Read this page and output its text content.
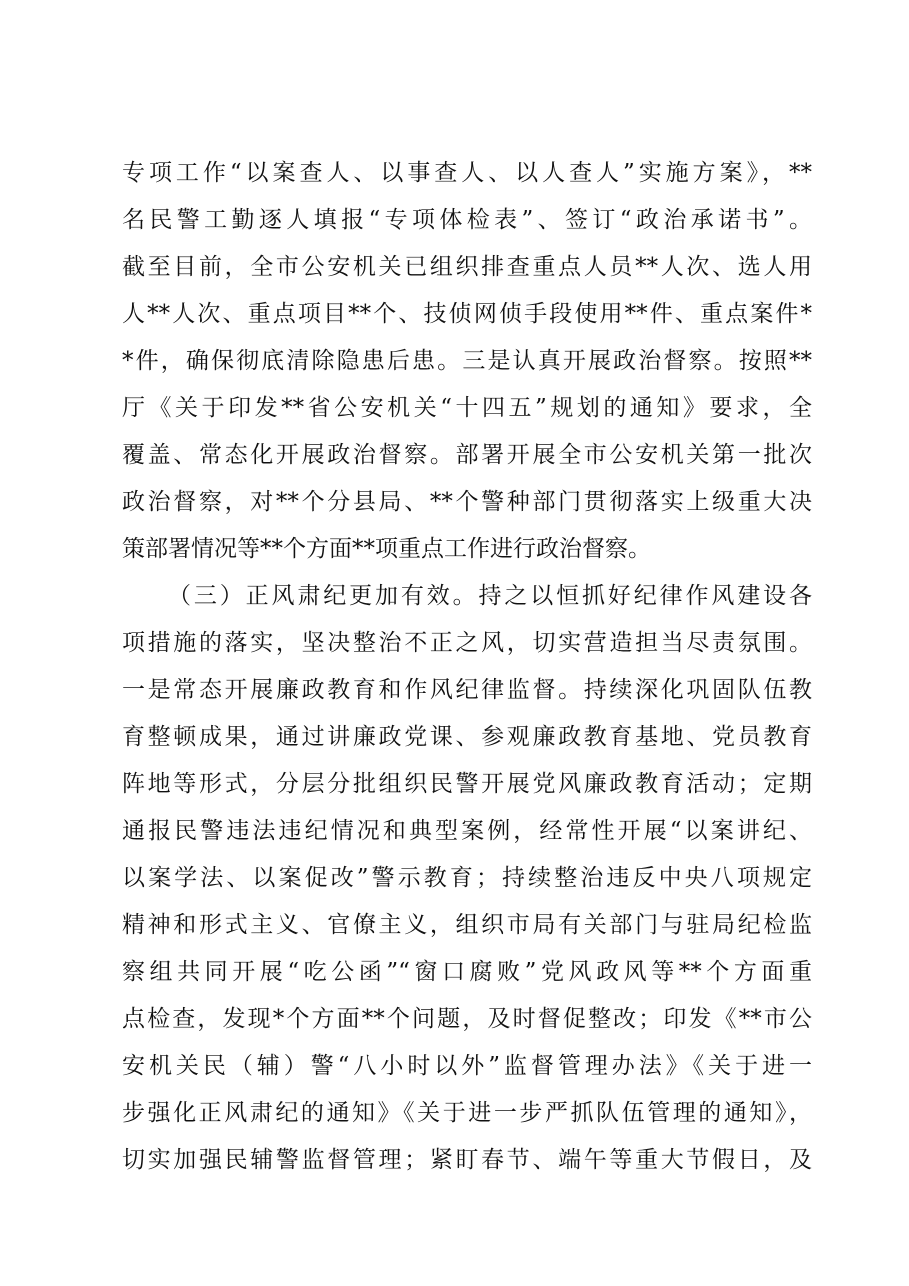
专项工作“以案查人、以事查人、以人查人”实施方案》，**
名民警工勤逐人填报“专项体检表”、签订“政治承诺书”。
截至目前，全市公安机关已组织排查重点人员**人次、选人用
人**人次、重点项目**个、技侦网侦手段使用**件、重点案件*
*件，确保彻底清除隐患后患。三是认真开展政治督察。按照**
厅《关于印发**省公安机关“十四五”规划的通知》要求，全
覆盖、常态化开展政治督察。部署开展全市公安机关第一批次
政治督察，对**个分县局、**个警种部门贯彻落实上级重大决
策部署情况等**个方面**项重点工作进行政治督察。
（三）正风肃纪更加有效。持之以恒抓好纪律作风建设各
项措施的落实，坚决整治不正之风，切实营造担当尽责氛围。
一是常态开展廉政教育和作风纪律监督。持续深化巩固队伍教
育整顿成果，通过讲廉政党课、参观廉政教育基地、党员教育
阵地等形式，分层分批组织民警开展党风廉政教育活动；定期
通报民警违法违纪情况和典型案例，经常性开展“以案讲纪、
以案学法、以案促改”警示教育；持续整治违反中央八项规定
精神和形式主义、官僚主义，组织市局有关部门与驻局纪检监
察组共同开展“吃公函”“窗口腐败”党风政风等**个方面重
点检查，发现*个方面**个问题，及时督促整改；印发《**市公
安机关民（辅）警“八小时以外”监督管理办法》《关于进一
步强化正风肃纪的通知》《关于进一步严抓队伍管理的通知》，
切实加强民辅警监督管理；紧盯春节、端午等重大节假日，及
